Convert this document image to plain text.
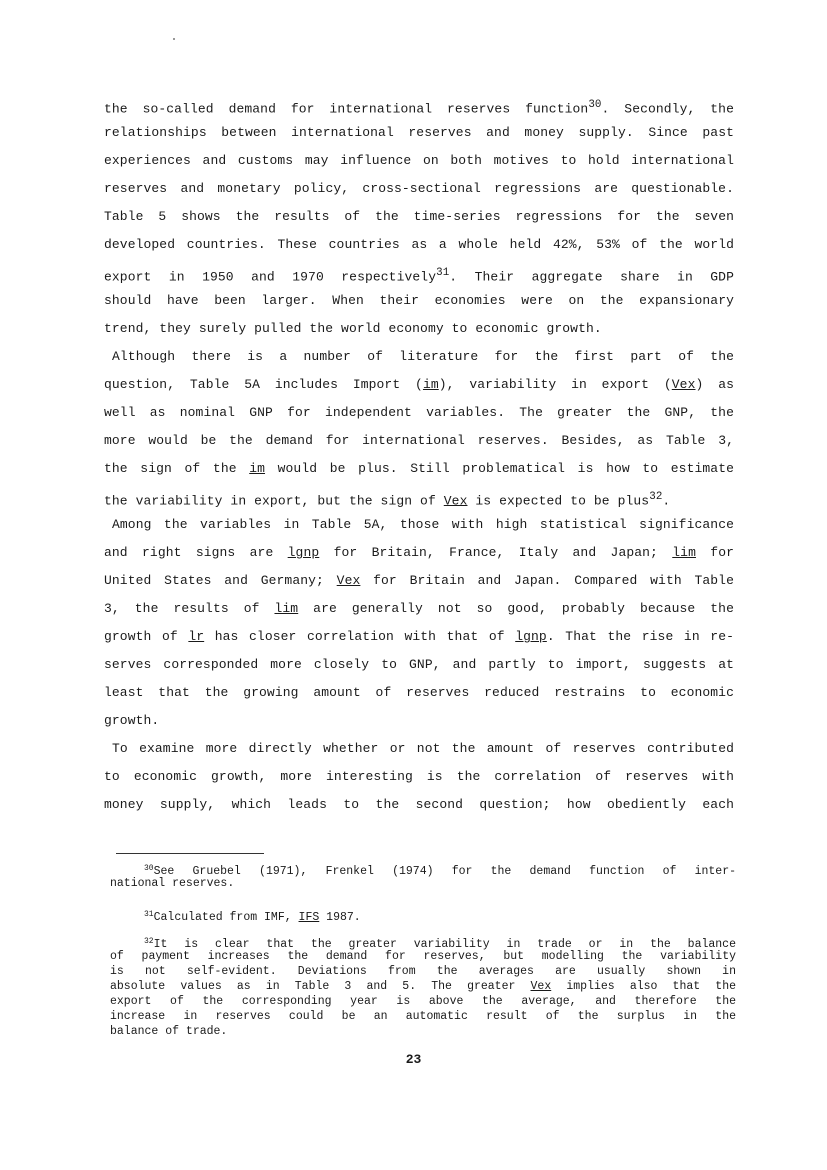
the so-called demand for international reserves function$^{30}$. Secondly, the
relationships between international reserves and money supply. Since past
experiences and customs may influence on both motives to hold international
reserves and monetary policy, cross-sectional regressions are questionable.
Table 5 shows the results of the time-series regressions for the seven
developed countries. These countries as a whole held 42%, 53% of the world
export in 1950 and 1970 respectively$^{31}$. Their aggregate share in GDP
should have been larger. When their economies were on the expansionary
trend, they surely pulled the world economy to economic growth.
Although there is a number of literature for the first part of the
question, Table 5A includes Import (im), variability in export (Vex) as
well as nominal GNP for independent variables. The greater the GNP, the
more would be the demand for international reserves. Besides, as Table 3,
the sign of the im would be plus. Still problematical is how to estimate
the variability in export, but the sign of Vex is expected to be plus$^{32}$.
Among the variables in Table 5A, those with high statistical significance
and right signs are lgnp for Britain, France, Italy and Japan; lim for
United States and Germany; Vex for Britain and Japan. Compared with Table
3, the results of lim are generally not so good, probably because the
growth of lr has closer correlation with that of lgnp. That the rise in re-
serves corresponded more closely to GNP, and partly to import, suggests at
least that the growing amount of reserves reduced restrains to economic
growth.
To examine more directly whether or not the amount of reserves contributed
to economic growth, more interesting is the correlation of reserves with
money supply, which leads to the second question; how obediently each
$^{30}$See Gruebel (1971), Frenkel (1974) for the demand function of inter-
national reserves.
$^{31}$Calculated from IMF, IFS 1987.
$^{32}$It is clear that the greater variability in trade or in the balance
of payment increases the demand for reserves, but modelling the variability
is not self-evident. Deviations from the averages are usually shown in
absolute values as in Table 3 and 5. The greater Vex implies also that the
export of the corresponding year is above the average, and therefore the
increase in reserves could be an automatic result of the surplus in the
balance of trade.
23
